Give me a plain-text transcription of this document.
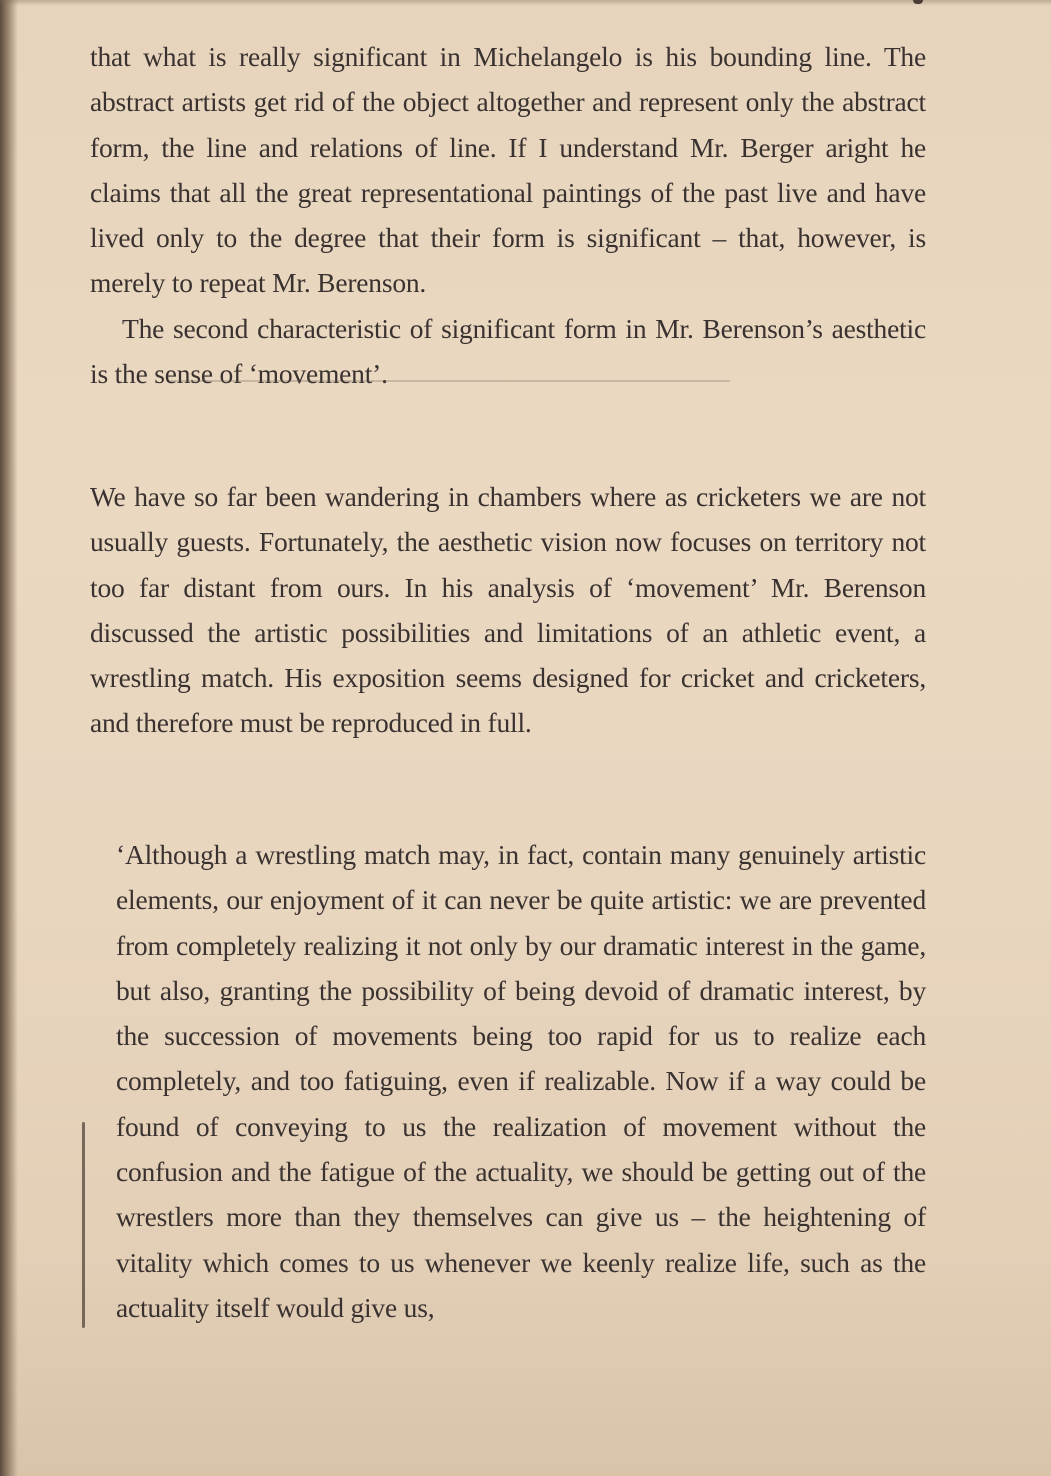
that what is really significant in Michelangelo is his bounding line. The abstract artists get rid of the object altogether and represent only the abstract form, the line and relations of line. If I understand Mr. Berger aright he claims that all the great representational paintings of the past live and have lived only to the degree that their form is significant – that, however, is merely to repeat Mr. Berenson.

The second characteristic of significant form in Mr. Berenson’s aesthetic is the sense of ‘movement’.

We have so far been wandering in chambers where as cricketers we are not usually guests. Fortunately, the aesthetic vision now focuses on territory not too far distant from ours. In his analysis of ‘movement’ Mr. Berenson discussed the artistic possibilities and limitations of an athletic event, a wrestling match. His exposition seems designed for cricket and cricketers, and therefore must be reproduced in full.

‘Although a wrestling match may, in fact, contain many genuinely artistic elements, our enjoyment of it can never be quite artistic: we are prevented from completely realizing it not only by our dramatic interest in the game, but also, granting the possibility of being devoid of dramatic interest, by the succession of movements being too rapid for us to realize each completely, and too fatiguing, even if realizable. Now if a way could be found of conveying to us the realization of movement without the confusion and the fatigue of the actuality, we should be getting out of the wrestlers more than they themselves can give us – the heightening of vitality which comes to us whenever we keenly realize life, such as the actuality itself would give us,
